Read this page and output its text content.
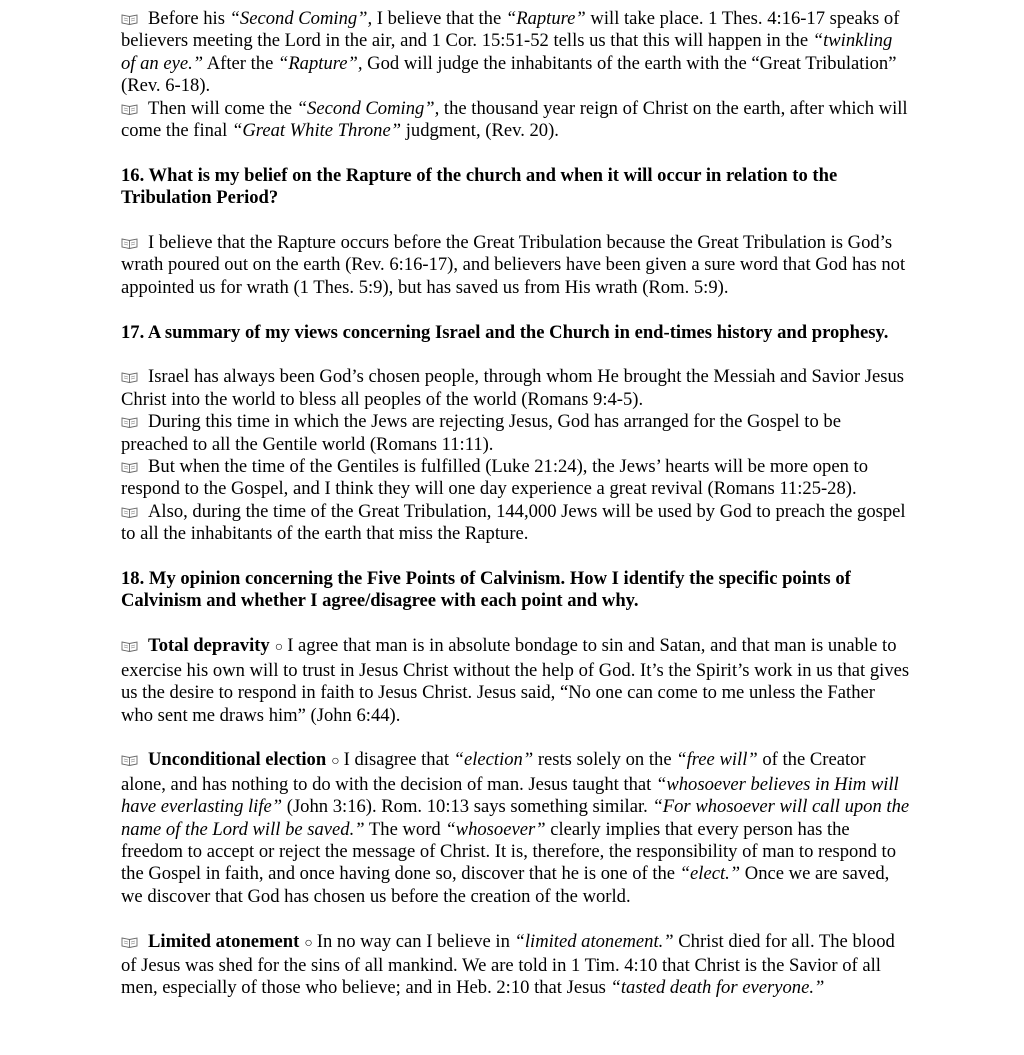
Before his “Second Coming”, I believe that the “Rapture” will take place. 1 Thes. 4:16-17 speaks of believers meeting the Lord in the air, and 1 Cor. 15:51-52 tells us that this will happen in the “twinkling of an eye.” After the “Rapture”, God will judge the inhabitants of the earth with the “Great Tribulation” (Rev. 6-18).

Then will come the “Second Coming”, the thousand year reign of Christ on the earth, after which will come the final “Great White Throne” judgment, (Rev. 20).

16. What is my belief on the Rapture of the church and when it will occur in relation to the Tribulation Period?

I believe that the Rapture occurs before the Great Tribulation because the Great Tribulation is God’s wrath poured out on the earth (Rev. 6:16-17), and believers have been given a sure word that God has not appointed us for wrath (1 Thes. 5:9), but has saved us from His wrath (Rom. 5:9).

17. A summary of my views concerning Israel and the Church in end-times history and prophesy.

Israel has always been God’s chosen people, through whom He brought the Messiah and Savior Jesus Christ into the world to bless all peoples of the world (Romans 9:4-5).

During this time in which the Jews are rejecting Jesus, God has arranged for the Gospel to be preached to all the Gentile world (Romans 11:11).

But when the time of the Gentiles is fulfilled (Luke 21:24), the Jews’ hearts will be more open to respond to the Gospel, and I think they will one day experience a great revival (Romans 11:25-28).

Also, during the time of the Great Tribulation, 144,000 Jews will be used by God to preach the gospel to all the inhabitants of the earth that miss the Rapture.

18. My opinion concerning the Five Points of Calvinism. How I identify the specific points of Calvinism and whether I agree/disagree with each point and why.

Total depravity ○ I agree that man is in absolute bondage to sin and Satan, and that man is unable to exercise his own will to trust in Jesus Christ without the help of God. It’s the Spirit’s work in us that gives us the desire to respond in faith to Jesus Christ. Jesus said, “No one can come to me unless the Father who sent me draws him” (John 6:44).

Unconditional election ○ I disagree that “election” rests solely on the “free will” of the Creator alone, and has nothing to do with the decision of man. Jesus taught that “whosoever believes in Him will have everlasting life” (John 3:16). Rom. 10:13 says something similar. “For whosoever will call upon the name of the Lord will be saved.” The word “whosoever” clearly implies that every person has the freedom to accept or reject the message of Christ. It is, therefore, the responsibility of man to respond to the Gospel in faith, and once having done so, discover that he is one of the “elect.” Once we are saved, we discover that God has chosen us before the creation of the world.

Limited atonement ○ In no way can I believe in “limited atonement.” Christ died for all. The blood of Jesus was shed for the sins of all mankind. We are told in 1 Tim. 4:10 that Christ is the Savior of all men, especially of those who believe; and in Heb. 2:10 that Jesus “tasted death for everyone.”
